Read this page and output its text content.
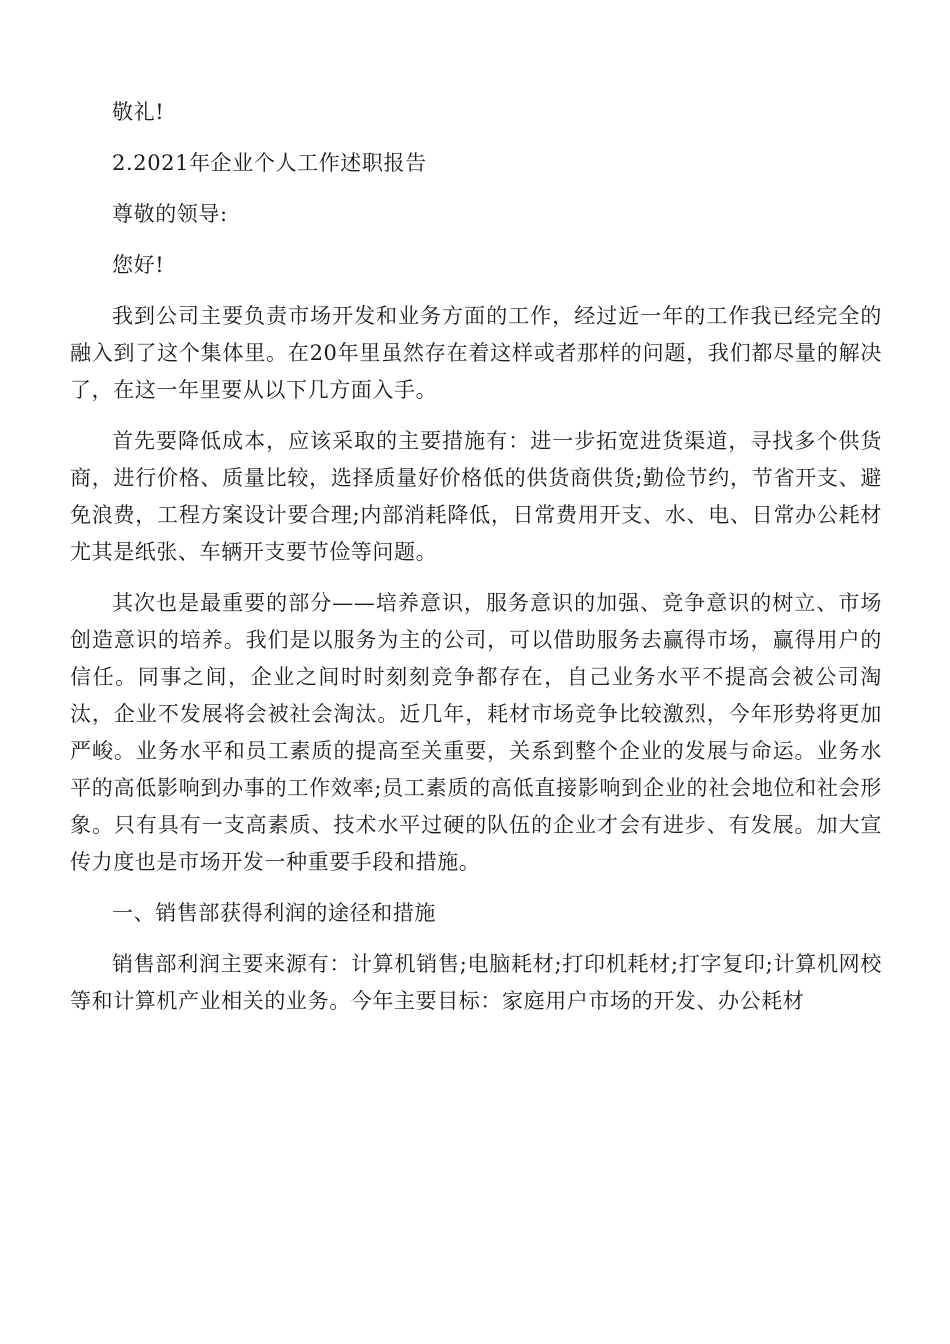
敬礼!

2.2021年企业个人工作述职报告

尊敬的领导:

您好!

我到公司主要负责市场开发和业务方面的工作，经过近一年的工作我已经完全的融入到了这个集体里。在20年里虽然存在着这样或者那样的问题，我们都尽量的解决了，在这一年里要从以下几方面入手。

首先要降低成本，应该采取的主要措施有：进一步拓宽进货渠道，寻找多个供货商，进行价格、质量比较，选择质量好价格低的供货商供货;勤俭节约，节省开支、避免浪费，工程方案设计要合理;内部消耗降低，日常费用开支、水、电、日常办公耗材尤其是纸张、车辆开支要节俭等问题。

其次也是最重要的部分——培养意识，服务意识的加强、竞争意识的树立、市场创造意识的培养。我们是以服务为主的公司，可以借助服务去赢得市场，赢得用户的信任。同事之间，企业之间时时刻刻竞争都存在，自己业务水平不提高会被公司淘汰，企业不发展将会被社会淘汰。近几年，耗材市场竞争比较激烈，今年形势将更加严峻。业务水平和员工素质的提高至关重要，关系到整个企业的发展与命运。业务水平的高低影响到办事的工作效率;员工素质的高低直接影响到企业的社会地位和社会形象。只有具有一支高素质、技术水平过硬的队伍的企业才会有进步、有发展。加大宣传力度也是市场开发一种重要手段和措施。

一、销售部获得利润的途径和措施

销售部利润主要来源有：计算机销售;电脑耗材;打印机耗材;打字复印;计算机网校等和计算机产业相关的业务。今年主要目标：家庭用户市场的开发、办公耗材
